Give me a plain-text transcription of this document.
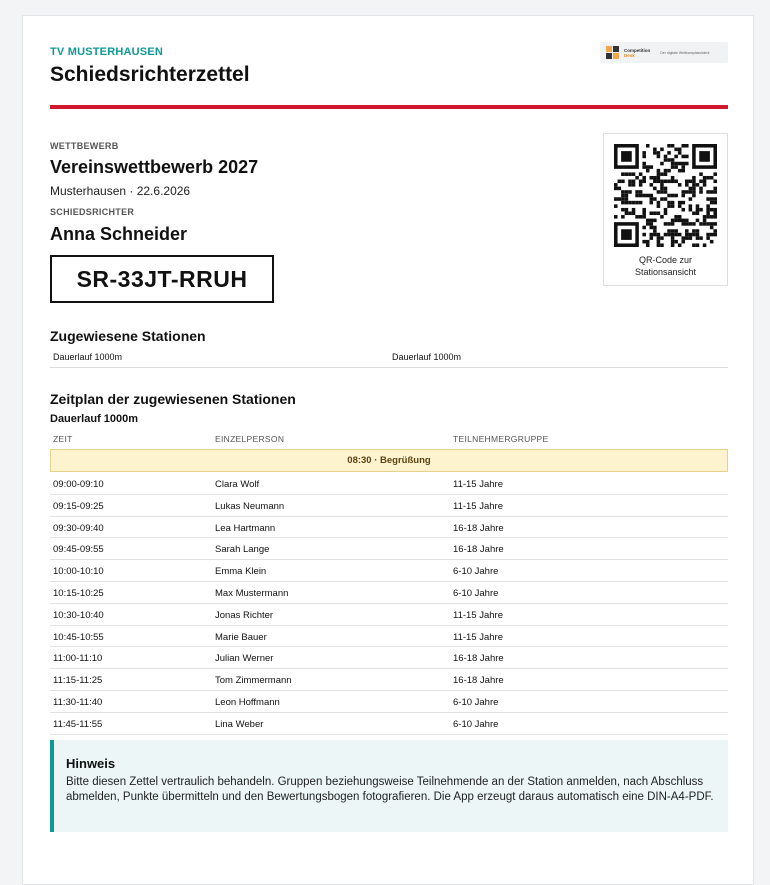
TV MUSTERHAUSEN
Schiedsrichterzettel
Competition
Desk	Der digitale Wettkampfassistent
WETTBEWERB
Vereinswettbewerb 2027
Musterhausen · 22.6.2026
SCHIEDSRICHTER
Anna Schneider
SR-33JT-RRUH
QR-Code zur
Stationsansicht
Zugewiesene Stationen
Dauerlauf 1000m	Dauerlauf 1000m
Zeitplan der zugewiesenen Stationen
Dauerlauf 1000m
ZEIT	EINZELPERSON	TEILNEHMERGRUPPE
08:30 · Begrüßung
09:00-09:10	Clara Wolf	11-15 Jahre
09:15-09:25	Lukas Neumann	11-15 Jahre
09:30-09:40	Lea Hartmann	16-18 Jahre
09:45-09:55	Sarah Lange	16-18 Jahre
10:00-10:10	Emma Klein	6-10 Jahre
10:15-10:25	Max Mustermann	6-10 Jahre
10:30-10:40	Jonas Richter	11-15 Jahre
10:45-10:55	Marie Bauer	11-15 Jahre
11:00-11:10	Julian Werner	16-18 Jahre
11:15-11:25	Tom Zimmermann	16-18 Jahre
11:30-11:40	Leon Hoffmann	6-10 Jahre
11:45-11:55	Lina Weber	6-10 Jahre
Hinweis
Bitte diesen Zettel vertraulich behandeln. Gruppen beziehungsweise Teilnehmende an der Station anmelden, nach Abschluss abmelden, Punkte übermitteln und den Bewertungsbogen fotografieren. Die App erzeugt daraus automatisch eine DIN-A4-PDF.
